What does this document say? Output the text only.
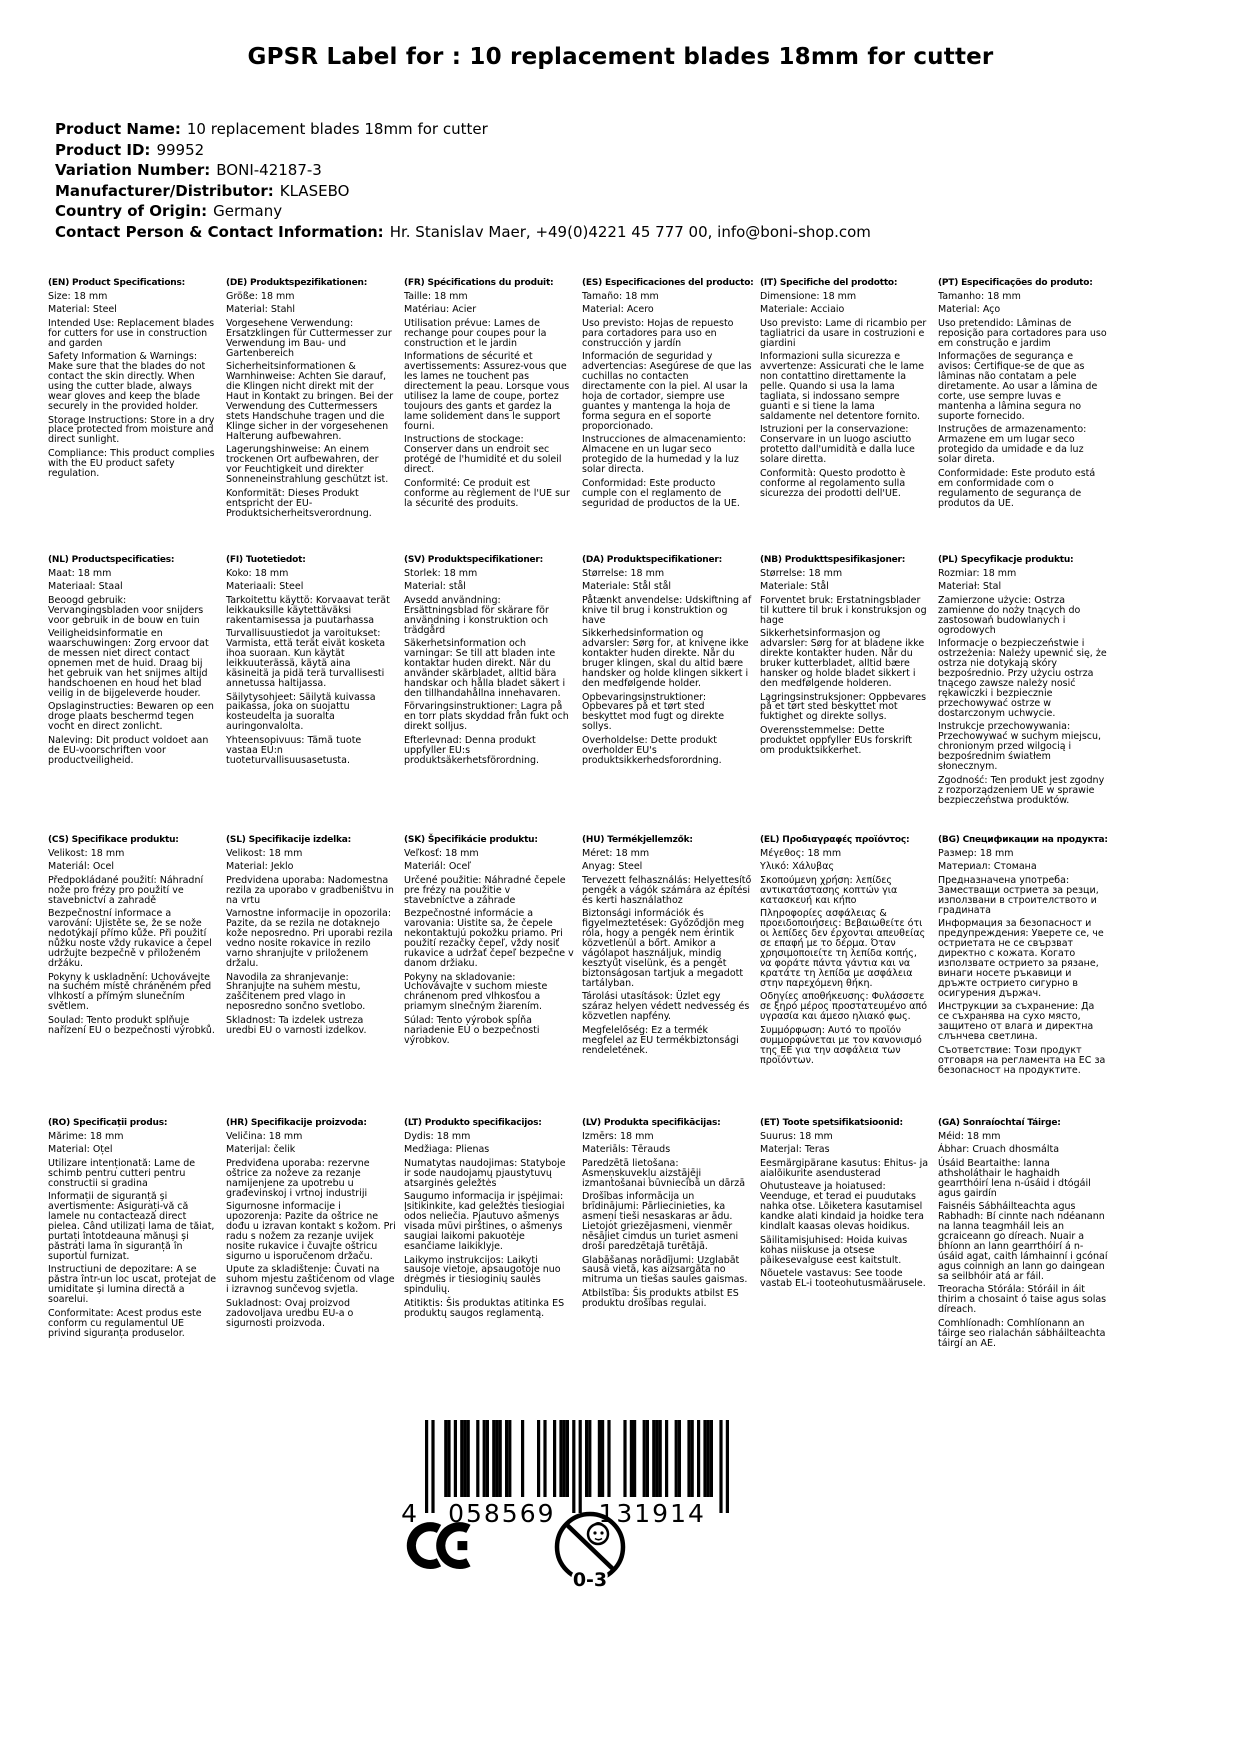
GPSR Label for : 10 replacement blades 18mm for cutter
Product Name: 10 replacement blades 18mm for cutter
Product ID: 99952
Variation Number: BONI-42187-3
Manufacturer/Distributor: KLASEBO
Country of Origin: Germany
Contact Person & Contact Information: Hr. Stanislav Maer, +49(0)4221 45 777 00, info@boni-shop.com
(EN) Product Specifications:

Size: 18 mm

Material: Steel

Intended Use: Replacement blades for cutters for use in construction and garden

Safety Information & Warnings: Make sure that the blades do not contact the skin directly. When using the cutter blade, always wear gloves and keep the blade securely in the provided holder.

Storage Instructions: Store in a dry place protected from moisture and direct sunlight.

Compliance: This product complies with the EU product safety regulation.

(DE) Produktspezifikationen:

Größe: 18 mm

Material: Stahl

Vorgesehene Verwendung: Ersatzklingen für Cuttermesser zur Verwendung im Bau- und Gartenbereich

Sicherheitsinformationen & Warnhinweise: Achten Sie darauf, die Klingen nicht direkt mit der Haut in Kontakt zu bringen. Bei der Verwendung des Cuttermessers stets Handschuhe tragen und die Klinge sicher in der vorgesehenen Halterung aufbewahren.

Lagerungshinweise: An einem trockenen Ort aufbewahren, der vor Feuchtigkeit und direkter Sonneneinstrahlung geschützt ist.

Konformität: Dieses Produkt entspricht der EU-Produktsicherheitsverordnung.

(FR) Spécifications du produit:

Taille: 18 mm

Matériau: Acier

Utilisation prévue: Lames de rechange pour coupes pour la construction et le jardin

Informations de sécurité et avertissements: Assurez-vous que les lames ne touchent pas directement la peau. Lorsque vous utilisez la lame de coupe, portez toujours des gants et gardez la lame solidement dans le support fourni.

Instructions de stockage: Conserver dans un endroit sec protégé de l'humidité et du soleil direct.

Conformité: Ce produit est conforme au règlement de l'UE sur la sécurité des produits.

(ES) Especificaciones del producto:

Tamaño: 18 mm

Material: Acero

Uso previsto: Hojas de repuesto para cortadores para uso en construcción y jardín

Información de seguridad y advertencias: Asegúrese de que las cuchillas no contacten directamente con la piel. Al usar la hoja de cortador, siempre use guantes y mantenga la hoja de forma segura en el soporte proporcionado.

Instrucciones de almacenamiento: Almacene en un lugar seco protegido de la humedad y la luz solar directa.

Conformidad: Este producto cumple con el reglamento de seguridad de productos de la UE.

(IT) Specifiche del prodotto:

Dimensione: 18 mm

Materiale: Acciaio

Uso previsto: Lame di ricambio per tagliatrici da usare in costruzioni e giardini

Informazioni sulla sicurezza e avvertenze: Assicurati che le lame non contattino direttamente la pelle. Quando si usa la lama tagliata, si indossano sempre guanti e si tiene la lama saldamente nel detentore fornito.

Istruzioni per la conservazione: Conservare in un luogo asciutto protetto dall'umidità e dalla luce solare diretta.

Conformità: Questo prodotto è conforme al regolamento sulla sicurezza dei prodotti dell'UE.

(PT) Especificações do produto:

Tamanho: 18 mm

Material: Aço

Uso pretendido: Lâminas de reposição para cortadores para uso em construção e jardim

Informações de segurança e avisos: Certifique-se de que as lâminas não contatam a pele diretamente. Ao usar a lâmina de corte, use sempre luvas e mantenha a lâmina segura no suporte fornecido.

Instruções de armazenamento: Armazene em um lugar seco protegido da umidade e da luz solar direta.

Conformidade: Este produto está em conformidade com o regulamento de segurança de produtos da UE.

(NL) Productspecificaties:

Maat: 18 mm

Materiaal: Staal

Beoogd gebruik: Vervangingsbladen voor snijders voor gebruik in de bouw en tuin

Veiligheidsinformatie en waarschuwingen: Zorg ervoor dat de messen niet direct contact opnemen met de huid. Draag bij het gebruik van het snijmes altijd handschoenen en houd het blad veilig in de bijgeleverde houder.

Opslaginstructies: Bewaren op een droge plaats beschermd tegen vocht en direct zonlicht.

Naleving: Dit product voldoet aan de EU-voorschriften voor productveiligheid.

(FI) Tuotetiedot:

Koko: 18 mm

Materiaali: Steel

Tarkoitettu käyttö: Korvaavat terät leikkauksille käytettäväksi rakentamisessa ja puutarhassa

Turvallisuustiedot ja varoitukset: Varmista, että terät eivät kosketa ihoa suoraan. Kun käytät leikkuuterässä, käytä aina käsineitä ja pidä terä turvallisesti annetussa haltijassa.

Säilytysohjeet: Säilytä kuivassa paikassa, joka on suojattu kosteudelta ja suoralta auringonvalolta.

Yhteensopivuus: Tämä tuote vastaa EU:n tuoteturvallisuusasetusta.

(SV) Produktspecifikationer:

Storlek: 18 mm

Material: stål

Avsedd användning: Ersättningsblad för skärare för användning i konstruktion och trädgård

Säkerhetsinformation och varningar: Se till att bladen inte kontaktar huden direkt. När du använder skärbladet, alltid bära handskar och hålla bladet säkert i den tillhandahållna innehavaren.

Förvaringsinstruktioner: Lagra på en torr plats skyddad från fukt och direkt solljus.

Efterlevnad: Denna produkt uppfyller EU:s produktsäkerhetsförordning.

(DA) Produktspecifikationer:

Størrelse: 18 mm

Materiale: Stål stål

Påtænkt anvendelse: Udskiftning af knive til brug i konstruktion og have

Sikkerhedsinformation og advarsler: Sørg for, at knivene ikke kontakter huden direkte. Når du bruger klingen, skal du altid bære handsker og holde klingen sikkert i den medfølgende holder.

Opbevaringsinstruktioner: Opbevares på et tørt sted beskyttet mod fugt og direkte sollys.

Overholdelse: Dette produkt overholder EU's produktsikkerhedsforordning.

(NB) Produkttspesifikasjoner:

Størrelse: 18 mm

Materiale: Stål

Forventet bruk: Erstatningsblader til kuttere til bruk i konstruksjon og hage

Sikkerhetsinformasjon og advarsler: Sørg for at bladene ikke direkte kontakter huden. Når du bruker kutterbladet, alltid bære hansker og holde bladet sikkert i den medfølgende holderen.

Lagringsinstruksjoner: Oppbevares på et tørt sted beskyttet mot fuktighet og direkte sollys.

Overensstemmelse: Dette produktet oppfyller EUs forskrift om produktsikkerhet.

(PL) Specyfikacje produktu:

Rozmiar: 18 mm

Materiał: Stal

Zamierzone użycie: Ostrza zamienne do noży tnących do zastosowań budowlanych i ogrodowych

Informacje o bezpieczeństwie i ostrzeżenia: Należy upewnić się, że ostrza nie dotykają skóry bezpośrednio. Przy użyciu ostrza tnącego zawsze należy nosić rękawiczki i bezpiecznie przechowywać ostrze w dostarczonym uchwycie.

Instrukcje przechowywania: Przechowywać w suchym miejscu, chronionym przed wilgocią i bezpośrednim światłem słonecznym.

Zgodność: Ten produkt jest zgodny z rozporządzeniem UE w sprawie bezpieczeństwa produktów.

(CS) Specifikace produktu:

Velikost: 18 mm

Materiál: Ocel

Předpokládané použití: Náhradní nože pro frézy pro použití ve stavebnictví a zahradě

Bezpečnostní informace a varování: Ujistěte se, že se nože nedotýkají přímo kůže. Při použití nůžku noste vždy rukavice a čepel udržujte bezpečně v přiloženém držáku.

Pokyny k uskladnění: Uchovávejte na suchém místě chráněném před vlhkostí a přímým slunečním světlem.

Soulad: Tento produkt splňuje nařízení EU o bezpečnosti výrobků.

(SL) Specifikacije izdelka:

Velikost: 18 mm

Material: Jeklo

Predvidena uporaba: Nadomestna rezila za uporabo v gradbeništvu in na vrtu

Varnostne informacije in opozorila: Pazite, da se rezila ne dotaknejo kože neposredno. Pri uporabi rezila vedno nosite rokavice in rezilo varno shranjujte v priloženem držalu.

Navodila za shranjevanje: Shranjujte na suhem mestu, zaščitenem pred vlago in neposredno sončno svetlobo.

Skladnost: Ta izdelek ustreza uredbi EU o varnosti izdelkov.

(SK) Špecifikácie produktu:

Veľkosť: 18 mm

Materiál: Oceľ

Určené použitie: Náhradné čepele pre frézy na použitie v stavebníctve a záhrade

Bezpečnostné informácie a varovania: Uistite sa, že čepele nekontaktujú pokožku priamo. Pri použití rezačky čepeľ, vždy nosiť rukavice a udržať čepeľ bezpečne v danom držiaku.

Pokyny na skladovanie: Uchovávajte v suchom mieste chránenom pred vlhkosťou a priamym slnečným žiarením.

Súlad: Tento výrobok spĺňa nariadenie EÚ o bezpečnosti výrobkov.

(HU) Termékjellemzők:

Méret: 18 mm

Anyag: Steel

Tervezett felhasználás: Helyettesítő pengék a vágók számára az építési és kerti használathoz

Biztonsági információk és figyelmeztetések: Győződjön meg róla, hogy a pengék nem érintik közvetlenül a bőrt. Amikor a vágólapot használjuk, mindig kesztyűt viselünk, és a pengét biztonságosan tartjuk a megadott tartályban.

Tárolási utasítások: Üzlet egy száraz helyen védett nedvesség és közvetlen napfény.

Megfelelőség: Ez a termék megfelel az EU termékbiztonsági rendeletének.

(EL) Προδιαγραφές προϊόντος:

Μέγεθος: 18 mm

Υλικό: Χάλυβας

Σκοπούμενη χρήση: λεπίδες αντικατάστασης κοπτών για κατασκευή και κήπο

Πληροφορίες ασφάλειας & προειδοποιήσεις: Βεβαιωθείτε ότι οι λεπίδες δεν έρχονται απευθείας σε επαφή με το δέρμα. Όταν χρησιμοποιείτε τη λεπίδα κοπής, να φοράτε πάντα γάντια και να κρατάτε τη λεπίδα με ασφάλεια στην παρεχόμενη θήκη.

Οδηγίες αποθήκευσης: Φυλάσσετε σε ξηρό μέρος προστατευμένο από υγρασία και άμεσο ηλιακό φως.

Συμμόρφωση: Αυτό το προϊόν συμμορφώνεται με τον κανονισμό της ΕΕ για την ασφάλεια των προϊόντων.

(BG) Спецификации на продукта:

Размер: 18 mm

Материал: Стомана

Предназначена употреба: Заместващи остриета за резци, използвани в строителството и градината

Информация за безопасност и предупреждения: Уверете се, че остриетата не се свързват директно с кожата. Когато използвате острието за рязане, винаги носете ръкавици и дръжте острието сигурно в осигурения държач.

Инструкции за съхранение: Да се съхранява на сухо място, защитено от влага и директна слънчева светлина.

Съответствие: Този продукт отговаря на регламента на ЕС за безопасност на продуктите.

(RO) Specificații produs:

Mărime: 18 mm

Material: Oțel

Utilizare intenționată: Lame de schimb pentru cutteri pentru constructii si gradina

Informații de siguranță și avertismente: Asigurați-vă că lamele nu contactează direct pielea. Când utilizați lama de tăiat, purtați întotdeauna mănuși și păstrați lama în siguranță în suportul furnizat.

Instructiuni de depozitare: A se păstra într-un loc uscat, protejat de umiditate și lumina directă a soarelui.

Conformitate: Acest produs este conform cu regulamentul UE privind siguranța produselor.

(HR) Specifikacije proizvoda:

Veličina: 18 mm

Materijal: čelik

Predviđena uporaba: rezervne oštrice za noževe za rezanje namijenjene za upotrebu u građevinskoj i vrtnoj industriji

Sigurnosne informacije i upozorenja: Pazite da oštrice ne dođu u izravan kontakt s kožom. Pri radu s nožem za rezanje uvijek nosite rukavice i čuvajte oštricu sigurno u isporučenom držaču.

Upute za skladištenje: Čuvati na suhom mjestu zaštićenom od vlage i izravnog sunčevog svjetla.

Sukladnost: Ovaj proizvod zadovoljava uredbu EU-a o sigurnosti proizvoda.

(LT) Produkto specifikacijos:

Dydis: 18 mm

Medžiaga: Plienas

Numatytas naudojimas: Statyboje ir sode naudojamų pjaustytuvų atsarginės geležtės

Saugumo informacija ir įspėjimai: Įsitikinkite, kad geležtės tiesiogiai odos neliečia. Pjautuvo ašmenys visada mūvi pirštines, o ašmenys saugiai laikomi pakuotėje esančiame laikiklyje.

Laikymo instrukcijos: Laikyti sausoje vietoje, apsaugotoje nuo drėgmės ir tiesioginių saulės spindulių.

Atitiktis: Šis produktas atitinka ES produktų saugos reglamentą.

(LV) Produkta specifikācijas:

Izmērs: 18 mm

Materiāls: Tērauds

Paredzētā lietošana: Asmeņskuvekļu aizstājēji izmantošanai būvniecībā un dārzā

Drošības informācija un brīdinājumi: Pārliecinieties, ka asmeņi tieši nesaskaras ar ādu. Lietojot griezējasmeni, vienmēr nēsājiet cimdus un turiet asmeni droši paredzētajā turētājā.

Glabāšanas norādījumi: Uzglabāt sausā vietā, kas aizsargāta no mitruma un tiešas saules gaismas.

Atbilstība: Šis produkts atbilst ES produktu drošības regulai.

(ET) Toote spetsifikatsioonid:

Suurus: 18 mm

Materjal: Teras

Eesmärgipärane kasutus: Ehitus- ja aialõikurite asendusterad

Ohutusteave ja hoiatused: Veenduge, et terad ei puudutaks nahka otse. Lõiketera kasutamisel kandke alati kindaid ja hoidke tera kindlalt kaasas olevas hoidikus.

Säilitamisjuhised: Hoida kuivas kohas niiskuse ja otsese päikesevalguse eest kaitstult.

Nõuetele vastavus: See toode vastab EL-i tooteohutusmäärusele.

(GA) Sonraíochtaí Táirge:

Méid: 18 mm

Ábhar: Cruach dhosmálta

Úsáid Beartaithe: lanna athsholáthair le haghaidh gearrthóirí lena n-úsáid i dtógáil agus gairdín

Faisnéis Sábháilteachta agus Rabhadh: Bí cinnte nach ndéanann na lanna teagmháil leis an gcraiceann go díreach. Nuair a bhíonn an lann gearrthóirí á n-úsáid agat, caith lámhainní i gcónaí agus coinnigh an lann go daingean sa seilbhóir atá ar fáil.

Treoracha Stórála: Stóráil in áit thirim a chosaint ó taise agus solas díreach.

Comhlíonadh: Comhlíonann an táirge seo rialachán sábháilteachta táirgí an AE.

4 058569 131914
0-3
